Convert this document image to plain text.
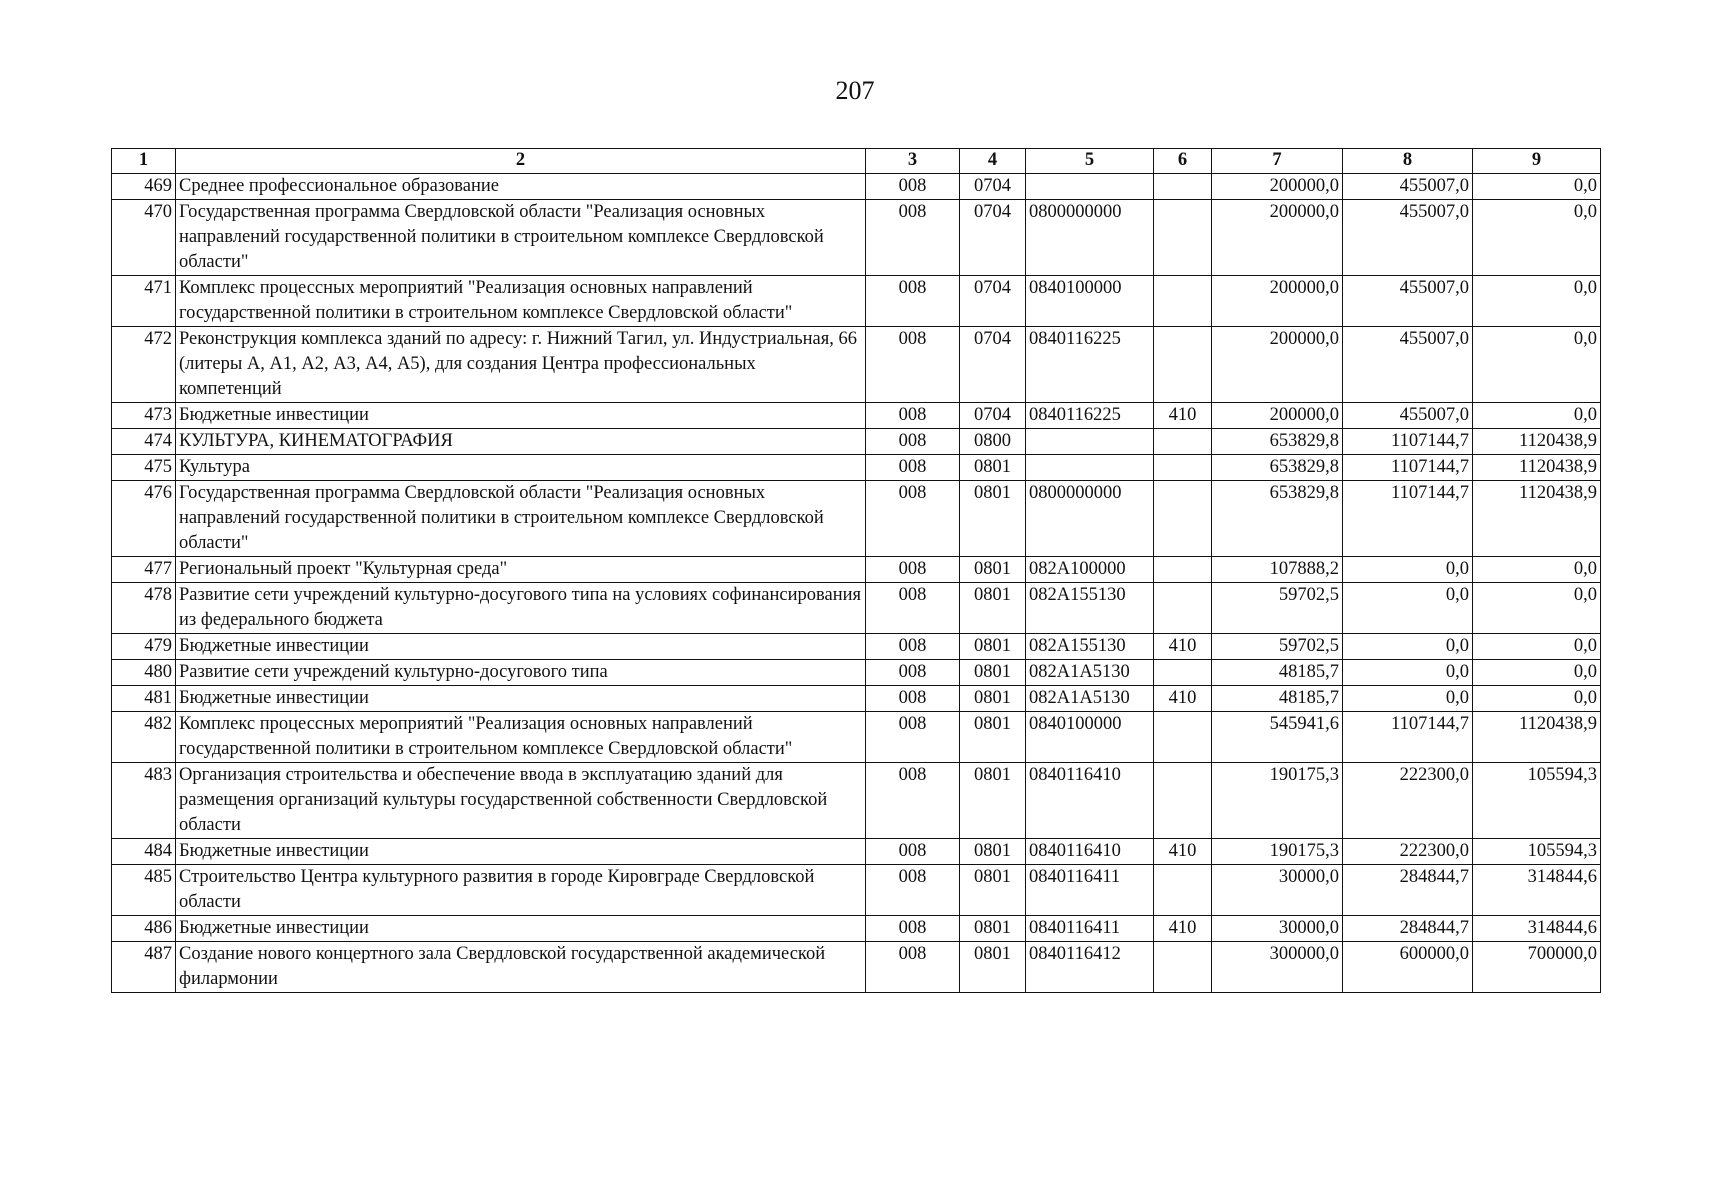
207
1	2	3	4	5	6	7	8	9
469	Среднее профессиональное образование	008	0704			200000,0	455007,0	0,0
470	Государственная программа Свердловской области "Реализация основных направлений государственной политики в строительном комплексе Свердловской области"	008	0704	0800000000		200000,0	455007,0	0,0
471	Комплекс процессных мероприятий "Реализация основных направлений государственной политики в строительном комплексе Свердловской области"	008	0704	0840100000		200000,0	455007,0	0,0
472	Реконструкция комплекса зданий по адресу: г. Нижний Тагил, ул. Индустриальная, 66 (литеры А, А1, А2, А3, А4, А5), для создания Центра профессиональных компетенций	008	0704	0840116225		200000,0	455007,0	0,0
473	Бюджетные инвестиции	008	0704	0840116225	410	200000,0	455007,0	0,0
474	КУЛЬТУРА, КИНЕМАТОГРАФИЯ	008	0800			653829,8	1107144,7	1120438,9
475	Культура	008	0801			653829,8	1107144,7	1120438,9
476	Государственная программа Свердловской области "Реализация основных направлений государственной политики в строительном комплексе Свердловской области"	008	0801	0800000000		653829,8	1107144,7	1120438,9
477	Региональный проект "Культурная среда"	008	0801	082А100000		107888,2	0,0	0,0
478	Развитие сети учреждений культурно-досугового типа на условиях софинансирования из федерального бюджета	008	0801	082А155130		59702,5	0,0	0,0
479	Бюджетные инвестиции	008	0801	082А155130	410	59702,5	0,0	0,0
480	Развитие сети учреждений культурно-досугового типа	008	0801	082А1А5130		48185,7	0,0	0,0
481	Бюджетные инвестиции	008	0801	082А1А5130	410	48185,7	0,0	0,0
482	Комплекс процессных мероприятий "Реализация основных направлений государственной политики в строительном комплексе Свердловской области"	008	0801	0840100000		545941,6	1107144,7	1120438,9
483	Организация строительства и обеспечение ввода в эксплуатацию зданий для размещения организаций культуры государственной собственности Свердловской области	008	0801	0840116410		190175,3	222300,0	105594,3
484	Бюджетные инвестиции	008	0801	0840116410	410	190175,3	222300,0	105594,3
485	Строительство Центра культурного развития в городе Кировграде Свердловской области	008	0801	0840116411		30000,0	284844,7	314844,6
486	Бюджетные инвестиции	008	0801	0840116411	410	30000,0	284844,7	314844,6
487	Создание нового концертного зала Свердловской государственной академической филармонии	008	0801	0840116412		300000,0	600000,0	700000,0
